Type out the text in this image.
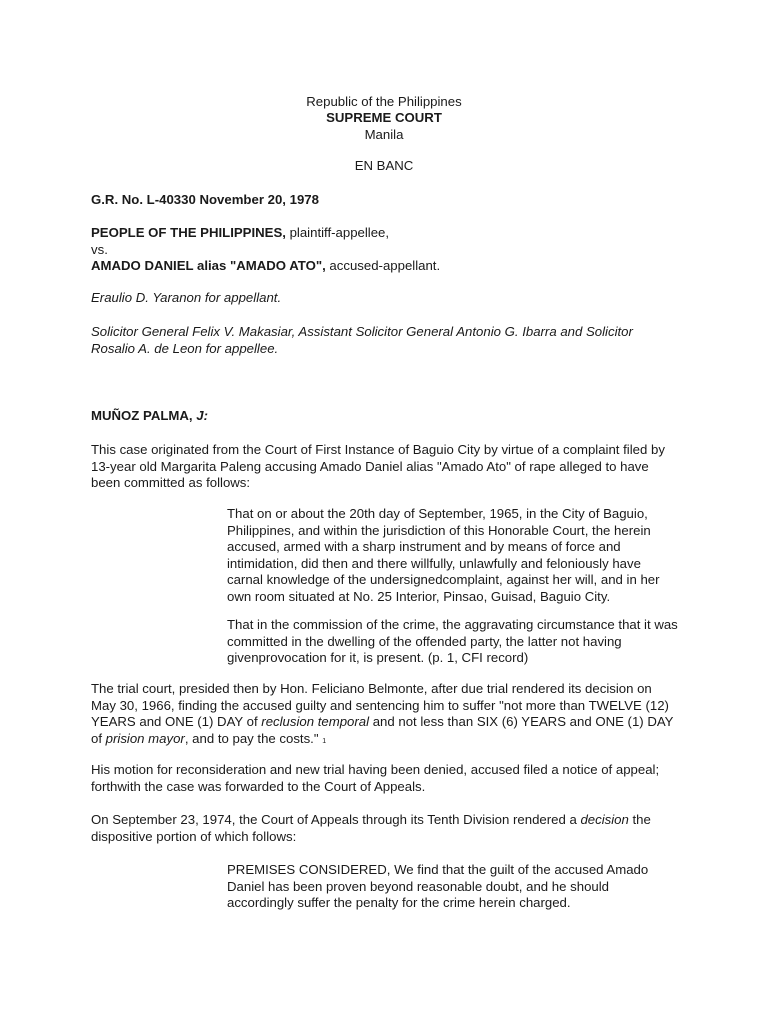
Republic of the Philippines
SUPREME COURT
Manila
EN BANC
G.R. No. L-40330 November 20, 1978

PEOPLE OF THE PHILIPPINES, plaintiff-appellee,

vs.

AMADO DANIEL alias "AMADO ATO", accused-appellant.

Eraulio D. Yaranon for appellant.

Solicitor General Felix V. Makasiar, Assistant Solicitor General Antonio G. Ibarra and Solicitor

Rosalio A. de Leon for appellee.

MUÑOZ PALMA, J:

This case originated from the Court of First Instance of Baguio City by virtue of a complaint filed by

13-year old Margarita Paleng accusing Amado Daniel alias "Amado Ato" of rape alleged to have

been committed as follows:

That on or about the 20th day of September, 1965, in the City of Baguio,

Philippines, and within the jurisdiction of this Honorable Court, the herein

accused, armed with a sharp instrument and by means of force and

intimidation, did then and there willfully, unlawfully and feloniously have

carnal knowledge of the undersignedcomplaint, against her will, and in her

own room situated at No. 25 Interior, Pinsao, Guisad, Baguio City.

That in the commission of the crime, the aggravating circumstance that it was

committed in the dwelling of the offended party, the latter not having

givenprovocation for it, is present. (p. 1, CFI record)

The trial court, presided then by Hon. Feliciano Belmonte, after due trial rendered its decision on

May 30, 1966, finding the accused guilty and sentencing him to suffer "not more than TWELVE (12)

YEARS and ONE (1) DAY of reclusion temporal and not less than SIX (6) YEARS and ONE (1) DAY

of prision mayor, and to pay the costs." 1

His motion for reconsideration and new trial having been denied, accused filed a notice of appeal;

forthwith the case was forwarded to the Court of Appeals.

On September 23, 1974, the Court of Appeals through its Tenth Division rendered a decision the

dispositive portion of which follows:

PREMISES CONSIDERED, We find that the guilt of the accused Amado

Daniel has been proven beyond reasonable doubt, and he should

accordingly suffer the penalty for the crime herein charged.
